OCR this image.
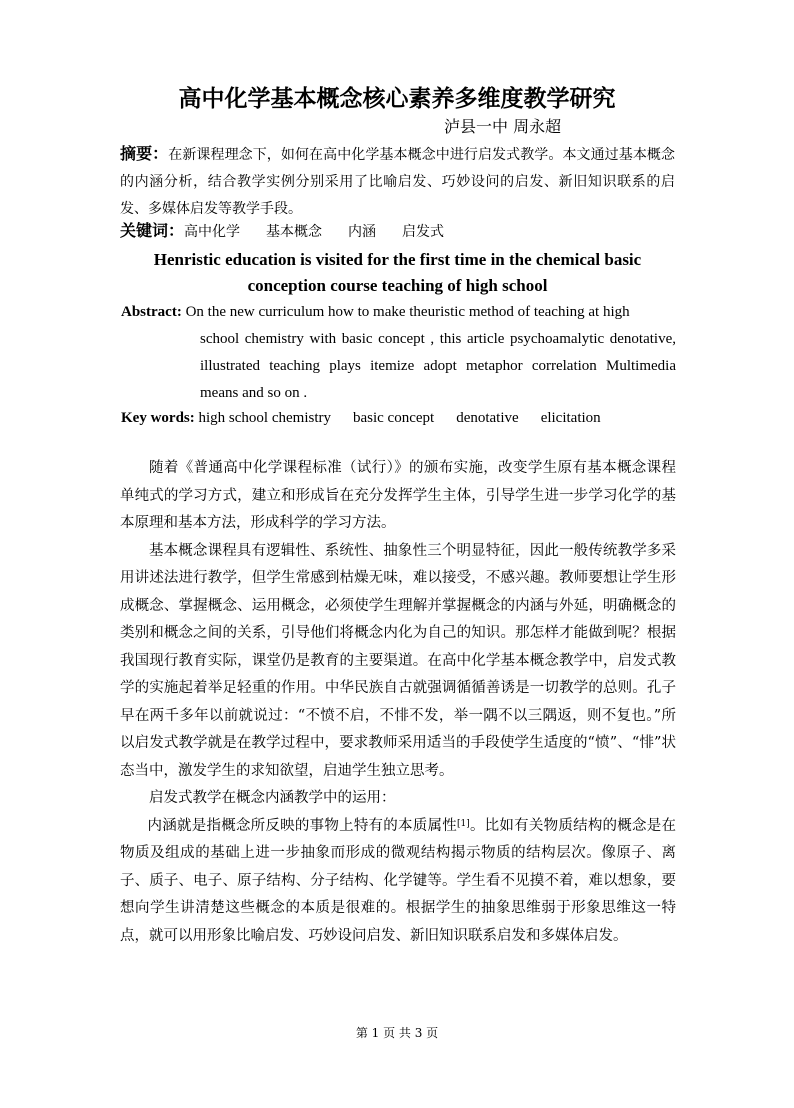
高中化学基本概念核心素养多维度教学研究
泸县一中 周永超
摘要：在新课程理念下，如何在高中化学基本概念中进行启发式教学。本文通过基本概念的内涵分析，结合教学实例分别采用了比喻启发、巧妙设问的启发、新旧知识联系的启发、多媒体启发等教学手段。
关键词：高中化学 基本概念 内涵 启发式
Henristic education is visited for the first time in the chemical basic conception course teaching of high school
Abstract: On the new curriculum how to make theuristic method of teaching at high
school chemistry with basic concept , this article psychoamalytic denotative, illustrated teaching plays itemize adopt metaphor correlation Multimedia means and so on .
Key words: high school chemistry basic concept denotative elicitation

随着《普通高中化学课程标准（试行）》的颁布实施，改变学生原有基本概念课程单纯式的学习方式，建立和形成旨在充分发挥学生主体，引导学生进一步学习化学的基本原理和基本方法，形成科学的学习方法。

基本概念课程具有逻辑性、系统性、抽象性三个明显特征，因此一般传统教学多采用讲述法进行教学，但学生常感到枯燥无味，难以接受，不感兴趣。教师要想让学生形成概念、掌握概念、运用概念，必须使学生理解并掌握概念的内涵与外延，明确概念的类别和概念之间的关系，引导他们将概念内化为自己的知识。那怎样才能做到呢？根据我国现行教育实际，课堂仍是教育的主要渠道。在高中化学基本概念教学中，启发式教学的实施起着举足轻重的作用。中华民族自古就强调循循善诱是一切教学的总则。孔子早在两千多年以前就说过：“不愤不启，不悱不发，举一隅不以三隅返，则不复也。”所以启发式教学就是在教学过程中，要求教师采用适当的手段使学生适度的“愤”、“悱”状态当中，激发学生的求知欲望，启迪学生独立思考。

启发式教学在概念内涵教学中的运用：

内涵就是指概念所反映的事物上特有的本质属性[1]。比如有关物质结构的概念是在物质及组成的基础上进一步抽象而形成的微观结构揭示物质的结构层次。像原子、离子、质子、电子、原子结构、分子结构、化学键等。学生看不见摸不着，难以想象，要想向学生讲清楚这些概念的本质是很难的。根据学生的抽象思维弱于形象思维这一特点，就可以用形象比喻启发、巧妙设问启发、新旧知识联系启发和多媒体启发。

第 1 页 共 3 页
